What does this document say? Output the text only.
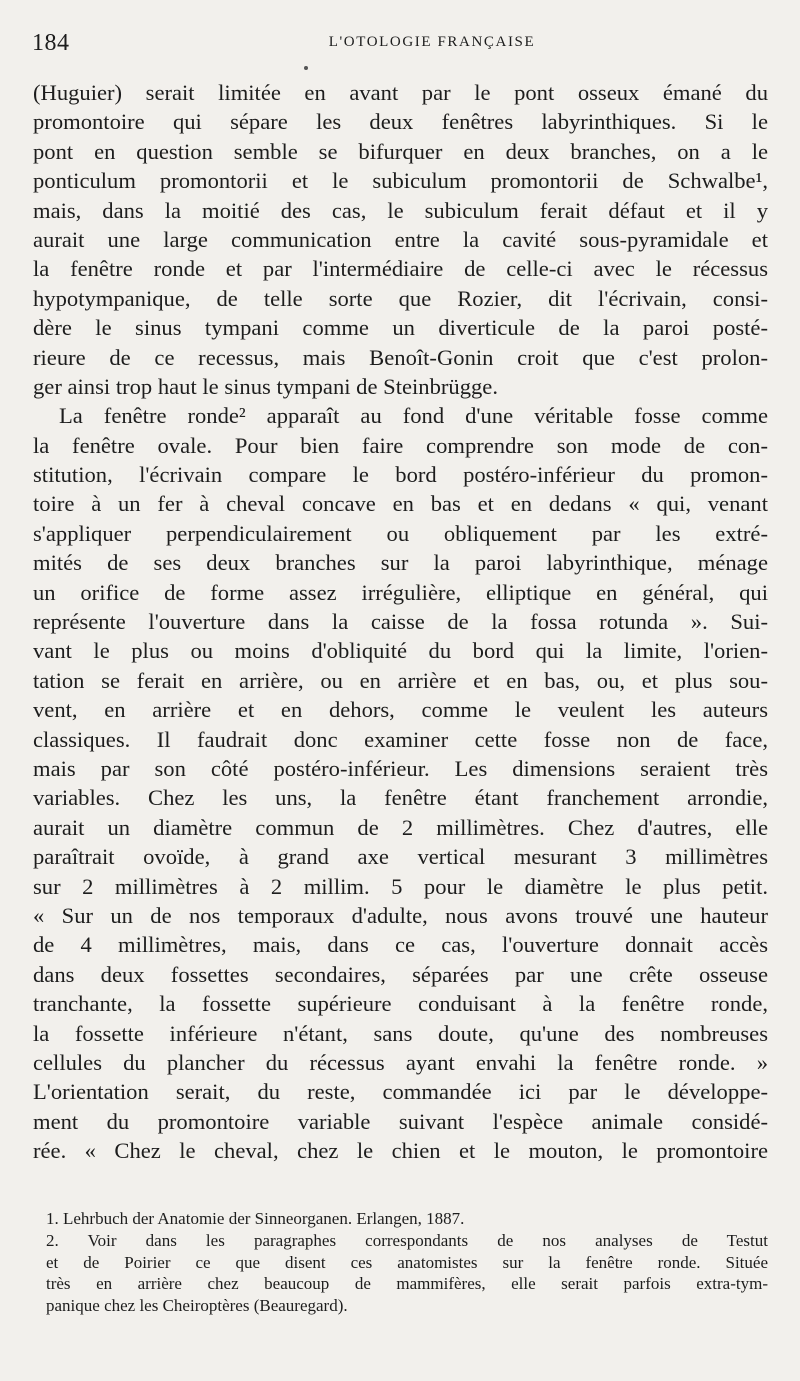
184	L'OTOLOGIE FRANÇAISE
(Huguier) serait limitée en avant par le pont osseux émané du
promontoire qui sépare les deux fenêtres labyrinthiques. Si le
pont en question semble se bifurquer en deux branches, on a le
ponticulum promontorii et le subiculum promontorii de Schwalbe¹,
mais, dans la moitié des cas, le subiculum ferait défaut et il y
aurait une large communication entre la cavité sous-pyramidale et
la fenêtre ronde et par l'intermédiaire de celle-ci avec le récessus
hypotympanique, de telle sorte que Rozier, dit l'écrivain, consi-
dère le sinus tympani comme un diverticule de la paroi posté-
rieure de ce recessus, mais Benoît-Gonin croit que c'est prolon-
ger ainsi trop haut le sinus tympani de Steinbrügge.
La fenêtre ronde² apparaît au fond d'une véritable fosse comme
la fenêtre ovale. Pour bien faire comprendre son mode de con-
stitution, l'écrivain compare le bord postéro-inférieur du promon-
toire à un fer à cheval concave en bas et en dedans « qui, venant
s'appliquer perpendiculairement ou obliquement par les extré-
mités de ses deux branches sur la paroi labyrinthique, ménage
un orifice de forme assez irrégulière, elliptique en général, qui
représente l'ouverture dans la caisse de la fossa rotunda ». Sui-
vant le plus ou moins d'obliquité du bord qui la limite, l'orien-
tation se ferait en arrière, ou en arrière et en bas, ou, et plus sou-
vent, en arrière et en dehors, comme le veulent les auteurs
classiques. Il faudrait donc examiner cette fosse non de face,
mais par son côté postéro-inférieur. Les dimensions seraient très
variables. Chez les uns, la fenêtre étant franchement arrondie,
aurait un diamètre commun de 2 millimètres. Chez d'autres, elle
paraîtrait ovoïde, à grand axe vertical mesurant 3 millimètres
sur 2 millimètres à 2 millim. 5 pour le diamètre le plus petit.
« Sur un de nos temporaux d'adulte, nous avons trouvé une hauteur
de 4 millimètres, mais, dans ce cas, l'ouverture donnait accès
dans deux fossettes secondaires, séparées par une crête osseuse
tranchante, la fossette supérieure conduisant à la fenêtre ronde,
la fossette inférieure n'étant, sans doute, qu'une des nombreuses
cellules du plancher du récessus ayant envahi la fenêtre ronde. »
L'orientation serait, du reste, commandée ici par le développe-
ment du promontoire variable suivant l'espèce animale considé-
rée. « Chez le cheval, chez le chien et le mouton, le promontoire
1. Lehrbuch der Anatomie der Sinneorganen. Erlangen, 1887.
2. Voir dans les paragraphes correspondants de nos analyses de Testut
et de Poirier ce que disent ces anatomistes sur la fenêtre ronde. Située
très en arrière chez beaucoup de mammifères, elle serait parfois extra-tym-
panique chez les Cheiroptères (Beauregard).
